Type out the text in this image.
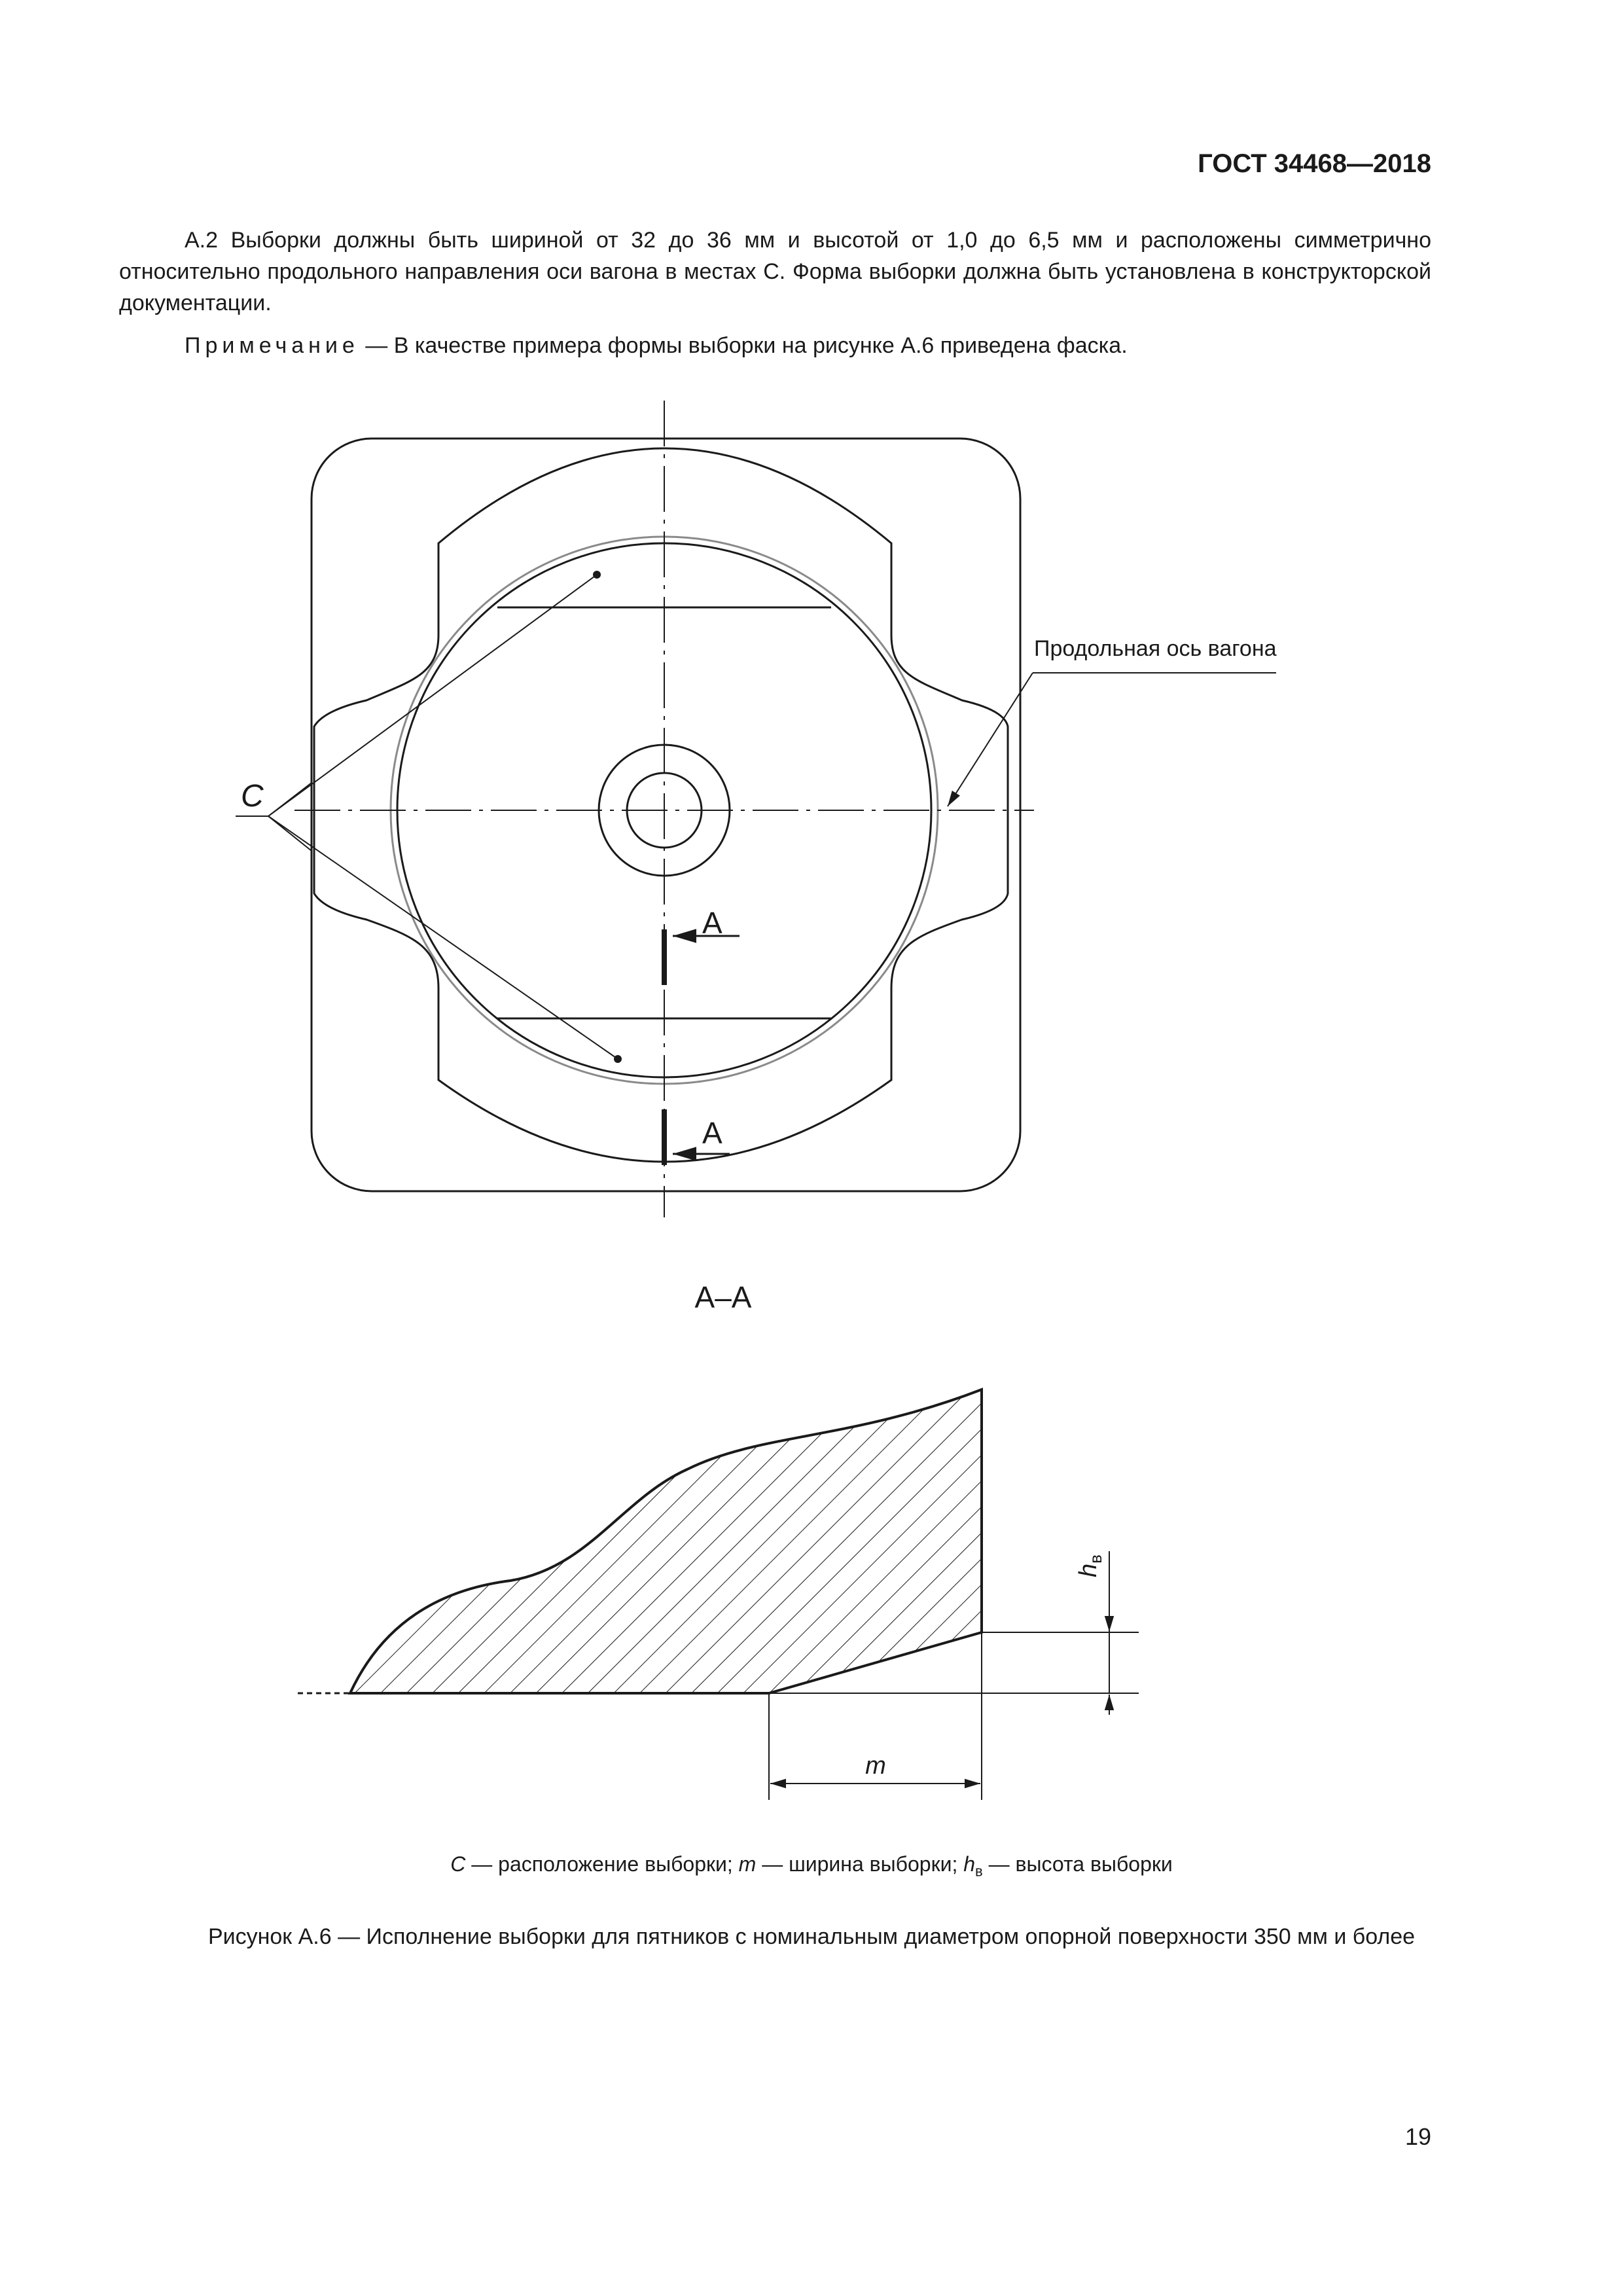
ГОСТ 34468—2018
А.2 Выборки должны быть шириной от 32 до 36 мм и высотой от 1,0 до 6,5 мм и расположены симметрично относительно продольного направления оси вагона в местах С. Форма выборки должна быть установлена в конструкторской документации.
Примечание — В качестве примера формы выборки на рисунке А.6 приведена фаска.
А
А
С
Продольная ось вагона
А–А
m
$h_в$
С — расположение выборки; m — ширина выборки; $h_в$ — высота выборки
Рисунок А.6 — Исполнение выборки для пятников с номинальным диаметром опорной поверхности 350 мм и более
19
